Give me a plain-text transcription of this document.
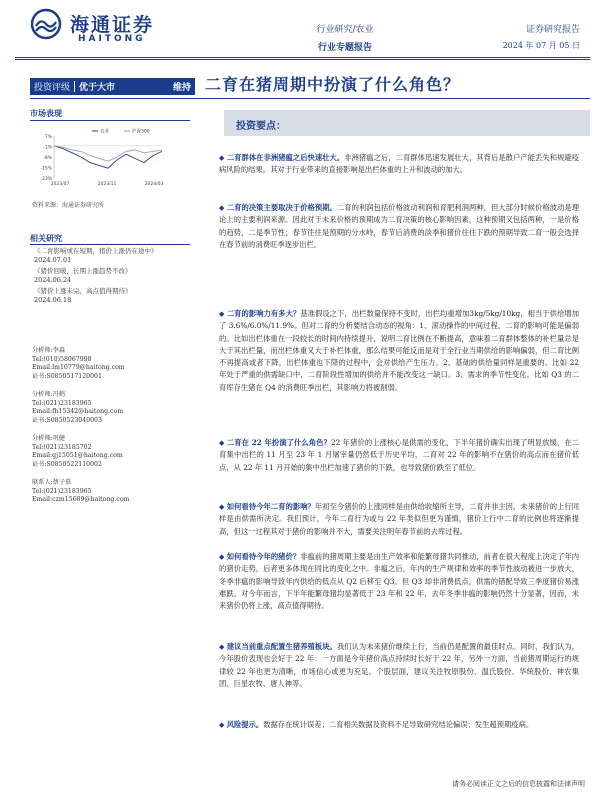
海通证券
HAITONG
行业研究/农业
行业专题报告
证券研究报告
2024 年 07 月 05 日
投资评级	优于大市	维持 二育在猪周期中扮演了什么角色？
市场表现
7%
-1%
-8%
-15%
-23%
2023/07	2023/11	2024/03
农业	沪深300
资料来源：海通证券研究所
相关研究
《二育影响或在短期，猪价上涨仍在途中》
2024.07.01
《猪价回暖，长期上涨趋势不改》
2024.06.24
《猪价上涨未完，高点值得期待》
2024.06.18
分析师:李淼
Tel:(010)58067998
Email:lm10779@haitong.com
证书:S0850517120001
分析师:冯鹤
Tel:(021)23183965
Email:fh15342@haitong.com
证书:S0850523040003
分析师:巩健
Tel:(021)23185702
Email:gj15051@haitong.com
证书:S0850522110002
联系人:蔡子慕
Tel:(021)23183965
Email:czm15689@haitong.com
投资要点：
◆ 二育群体在非洲猪瘟之后快速壮大。非洲猪瘟之后，二育群体迅速发展壮大，其背后是散户产能丢失和规避疫病风险的结果。其对于行业带来的直接影响是出栏体重的上升和波动的加大。
◆ 二育的决策主要取决于价格预期。二育的利润包括价格波动利润和育肥利润两种，但大部分时候价格波动是理论上的主要利润来源。因此对于未来价格的预期成为二育决策的核心影响因素，这种预期又包括两种，一是价格的趋势，二是季节性；春节往往是预期的分水岭，春节后消费的淡季和猪价往往下跌的预期导致二育一般会选择在春节前的消费旺季逐步出栏。
◆ 二育的影响力有多大？基准假设之下，出栏数量保持不变时，出栏均重增加3kg/5kg/10kg，相当于供给增加了 3.6%/6.0%/11.9%。但对二育的分析要结合动态的视角：1、滚动操作的中间过程，二育的影响可能是偏弱的。比如出栏体重在一段较长的时间内持续提升，说明二育比例在不断提高，意味着二育群体整体的补栏量总是大于其出栏量，而出栏体重又大于补栏体重，那么结果可能反而是对于全行业当期供给的影响偏弱，但二育比例不再提高或者下降，出栏体重也下降的过程中，会对供给产生压力。2、基础的供给量同样是重要的。比如 22 年处于严重的供需缺口中，二育阶段性增加的供给并不能改变这一缺口。3、需求的季节性变化。比如 Q3 的二育库存生猪在 Q4 的消费旺季出栏，其影响力将被削弱。
◆ 二育在 22 年扮演了什么角色？22 年猪价的上涨核心是供需的变化，下半年猪价确实出现了明显放缓，在二育集中出栏的 11 月至 23 年 1 月屠宰量仍然低于历史平均，二育对 22 年的影响不在猪价的高点而在猪价低点，从 22 年 11 月开始的集中出栏加速了猪价的下跌，也导致猪价跌至了低位。
◆ 如何看待今年二育的影响？年初至今猪价的上涨同样是由供给收缩所主导，二育并非主因，未来猪价的上行同样是由供需所决定。我们预计，今年二育行为或与 22 年类似但更为谨慎，猪价上行中二育的比例也将逐渐提高，但这一过程其对于猪价的影响并不大，需要关注明年春节前的去库过程。
◆ 如何看待今年的猪价？非瘟前的猪周期主要是由生产效率和能繁母猪共同推动，前者在很大程度上决定了年内的猪价走势，后者更多体现在同比的变化之中。非瘟之后，年内的生产规律和效率的季节性波动被进一步放大，冬季非瘟的影响导致年内供给的低点从 Q2 后移至 Q3。但 Q3 却非消费低点，供需的错配导致三季度猪价易涨难跌。对今年而言，下半年能繁母猪均显著低于 23 年和 22 年，去年冬季非瘟的影响仍然十分显著，因而，未来猪价仍将上涨，高点值得期待。
◆ 建议当前重点配置生猪养殖板块。我们认为未来猪价继续上行，当前仍是配置的最佳时点。同时，我们认为，今年股价表现也会好于 22 年：一方面是今年猪价高点持续时长好于 22 年，另外一方面，当前猪周期运行的规律较 22 年也更为清晰，市场信心或更为充足。个股层面，建议关注牧原股份、温氏股份、华统股份、神农集团、巨星农牧、唐人神等。
◆ 风险提示。数据存在统计误差；二育相关数据及资料不足导致研究结论偏误；发生超预期疫病。
请务必阅读正文之后的信息披露和法律声明
